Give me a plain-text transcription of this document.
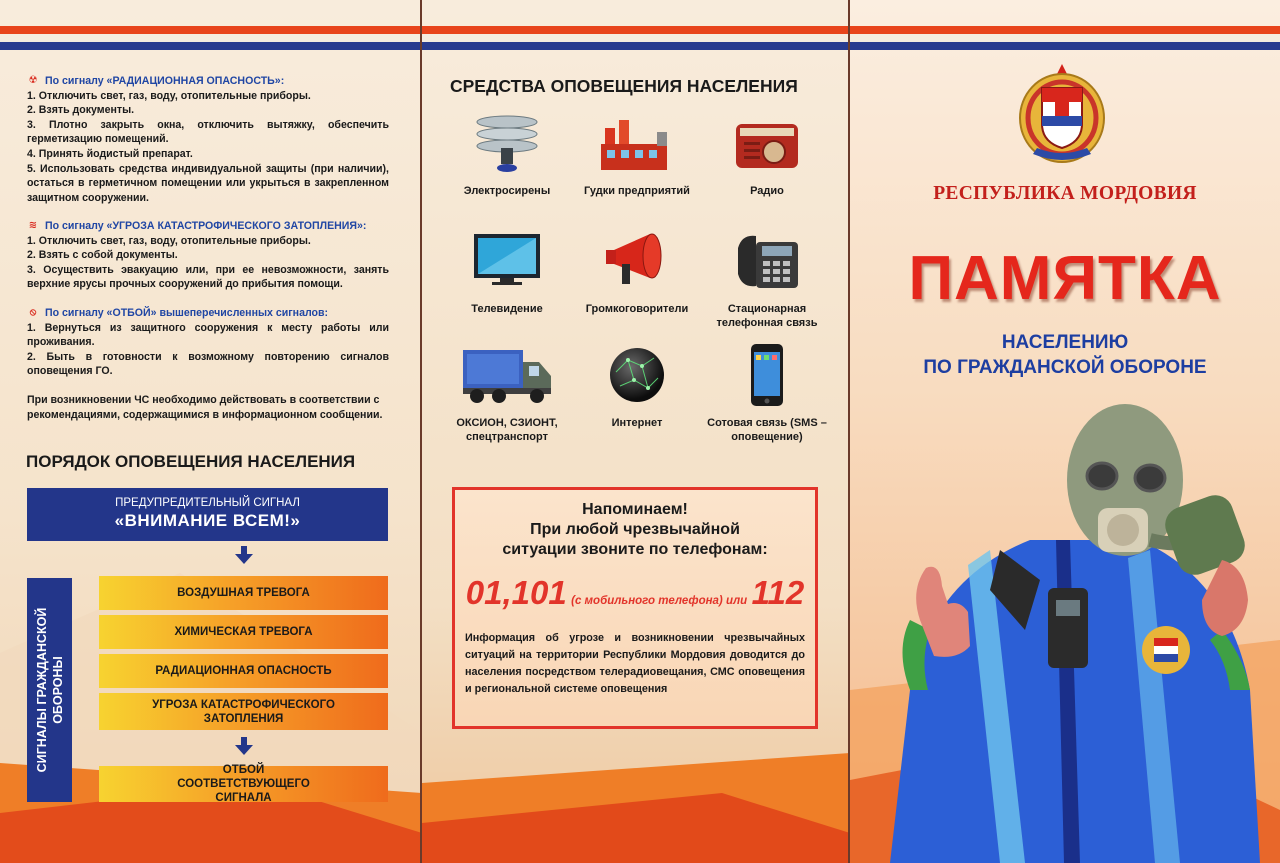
☢ По сигналу «РАДИАЦИОННАЯ ОПАСНОСТЬ»:
1. Отключить свет, газ, воду, отопительные приборы.
2. Взять документы.
3. Плотно закрыть окна, отключить вытяжку, обеспечить герметизацию помещений.
4. Принять йодистый препарат.
5. Использовать средства индивидуальной защиты (при наличии), остаться в герметичном помещении или укрыться в закрепленном защитном сооружении.
≋ По сигналу «УГРОЗА КАТАСТРОФИЧЕСКОГО ЗАТОПЛЕНИЯ»:
1. Отключить свет, газ, воду, отопительные приборы.
2. Взять с собой документы.
3. Осуществить эвакуацию или, при ее невозможности, занять верхние ярусы прочных сооружений до прибытия помощи.
⦸ По сигналу «ОТБОЙ» вышеперечисленных сигналов:
1. Вернуться из защитного сооружения к месту работы или проживания.
2. Быть в готовности к возможному повторению сигналов оповещения ГО.
При возникновении ЧС необходимо действовать в соответствии с рекомендациями, содержащимися в информационном сообщении.
ПОРЯДОК ОПОВЕЩЕНИЯ НАСЕЛЕНИЯ
ПРЕДУПРЕДИТЕЛЬНЫЙ СИГНАЛ
«ВНИМАНИЕ ВСЕМ!»
СИГНАЛЫ ГРАЖДАНСКОЙ ОБОРОНЫ
ВОЗДУШНАЯ ТРЕВОГА
ХИМИЧЕСКАЯ ТРЕВОГА
РАДИАЦИОННАЯ ОПАСНОСТЬ
УГРОЗА КАТАСТРОФИЧЕСКОГО ЗАТОПЛЕНИЯ
ОТБОЙ СООТВЕТСТВУЮЩЕГО СИГНАЛА
СРЕДСТВА ОПОВЕЩЕНИЯ НАСЕЛЕНИЯ
Электросирены	Гудки предприятий	Радио
Телевидение	Громкоговорители	Стационарная телефонная связь
ОКСИОН, СЗИОНТ, спецтранспорт
Интернет	Сотовая связь (SMS – оповещение)
Напоминаем!
При любой чрезвычайной
ситуации звоните по телефонам:
01,101 (с мобильного телефона) или 112
Информация об угрозе и возникновении чрезвычайных ситуаций на территории Республики Мордовия доводится до населения посредством телерадиовещания, СМС оповещения и региональной системе оповещения
РЕСПУБЛИКА МОРДОВИЯ
ПАМЯТКА
НАСЕЛЕНИЮ
ПО ГРАЖДАНСКОЙ ОБОРОНЕ
